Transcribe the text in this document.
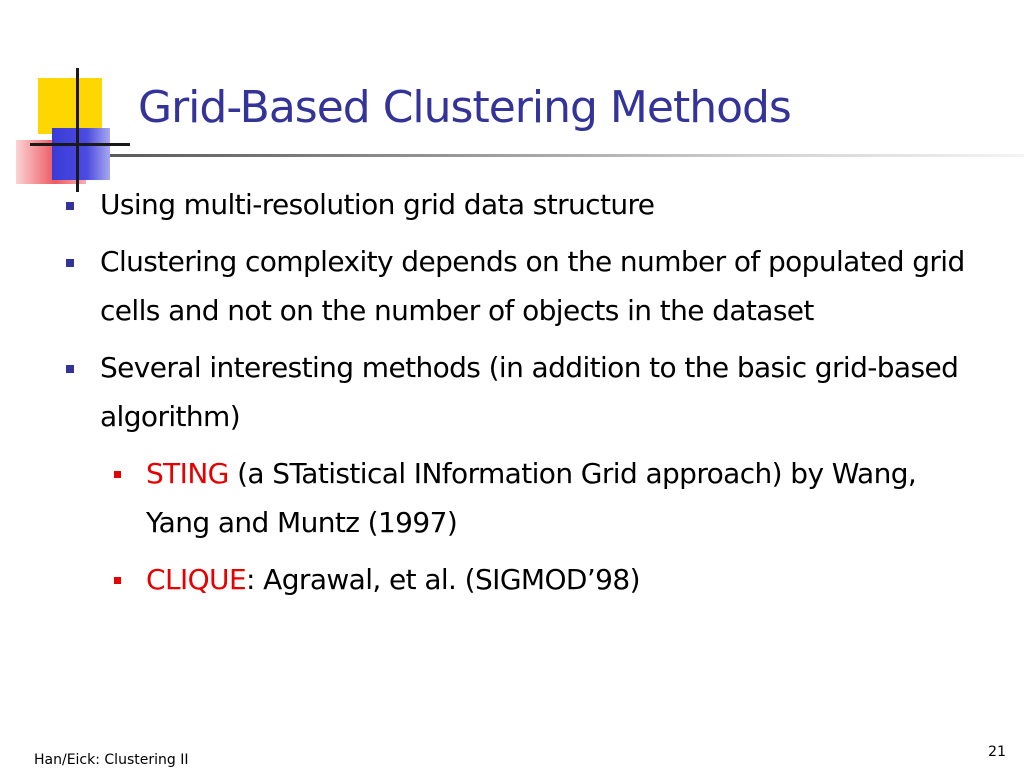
Grid-Based Clustering Methods
Using multi-resolution grid data structure
Clustering complexity depends on the number of populated grid cells and not on the number of objects in the dataset
Several interesting methods (in addition to the basic grid-based algorithm)
STING (a STatistical INformation Grid approach) by Wang, Yang and Muntz (1997)
CLIQUE: Agrawal, et al. (SIGMOD’98)
Han/Eick: Clustering II	21
